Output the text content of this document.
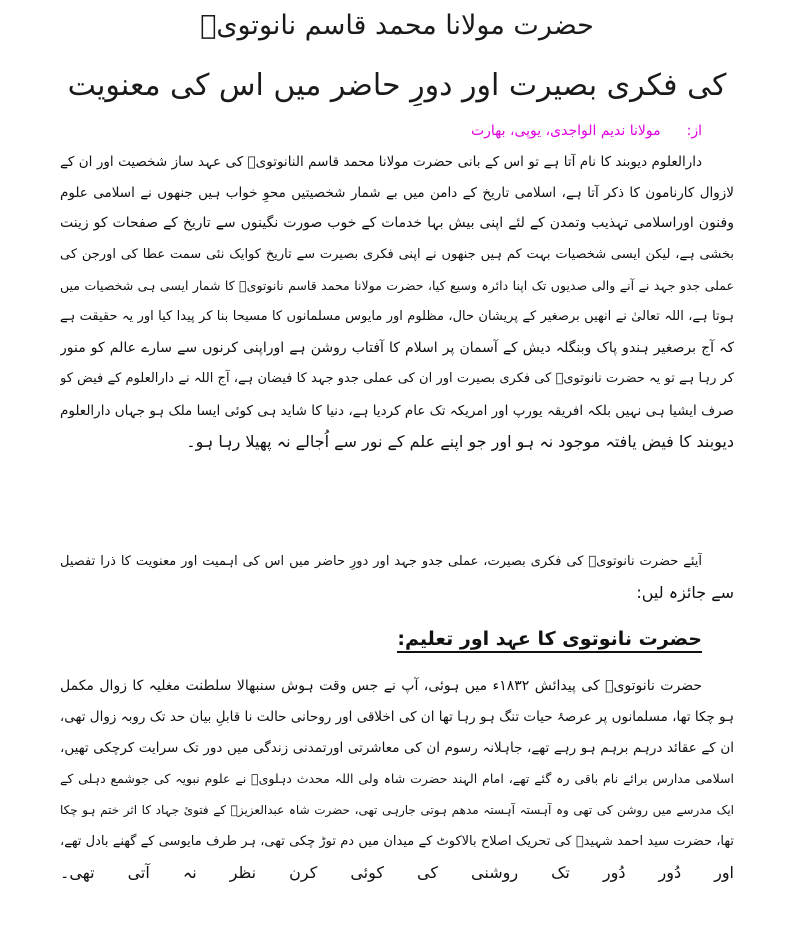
حضرت مولانا محمد قاسم نانوتویؒ
کی فکری بصیرت اور دورِ حاضر میں اس کی معنویت
از:مولانا ندیم الواجدی، یوپی، بھارت
دارالعلوم دیوبند کا نام آتا ہے تو اس کے بانی حضرت مولانا محمد قاسم النانوتویؒ کی عہد ساز شخصیت اور ان کے
لازوال کارنامون کا ذکر آتا ہے، اسلامی تاریخ کے دامن میں بے شمار شخصیتیں محوِ خواب ہیں جنھوں نے اسلامی علوم
وفنون اوراسلامی تہذیب وتمدن کے لئے اپنی بیش بہا خدمات کے خوب صورت نگینوں سے تاریخ کے صفحات کو زینت
بخشی ہے، لیکن ایسی شخصیات بہت کم ہیں جنھوں نے اپنی فکری بصیرت سے تاریخ کوایک نئی سمت عطا کی اورجن کی
عملی جدو جہد نے آنے والی صدیوں تک اپنا دائرہ وسیع کیا، حضرت مولانا محمد قاسم نانوتویؒ کا شمار ایسی ہی شخصیات میں
ہوتا ہے، اللہ تعالیٰ نے انھیں برصغیر کے پریشان حال، مظلوم اور مایوس مسلمانوں کا مسیحا بنا کر پیدا کیا اور یہ حقیقت ہے
کہ آج برصغیر ہندو پاک وبنگلہ دیش کے آسمان پر اسلام کا آفتاب روشن ہے اوراپنی کرنوں سے سارے عالم کو منور
کر رہا ہے تو یہ حضرت نانوتویؒ کی فکری بصیرت اور ان کی عملی جدو جہد کا فیضان ہے، آج اللہ نے دارالعلوم کے فیض کو
صرف ایشیا ہی نہیں بلکہ افریقہ یورپ اور امریکہ تک عام کردیا ہے، دنیا کا شاید ہی کوئی ایسا ملک ہو جہاں دارالعلوم
دیوبند کا فیض یافتہ موجود نہ ہو اور جو اپنے علم کے نور سے اُجالے نہ پھیلا رہا ہو۔
آیئے حضرت نانوتویؒ کی فکری بصیرت، عملی جدو جہد اور دورِ حاضر میں اس کی اہمیت اور معنویت کا ذرا تفصیل
سے جائزہ لیں:
حضرت نانوتوی کا عہد اور تعلیم:
حضرت نانوتویؒ کی پیدائش ۱۸۳۲ء میں ہوئی، آپ نے جس وقت ہوش سنبھالا سلطنت مغلیہ کا زوال مکمل
ہو چکا تھا، مسلمانوں پر عرصۂ حیات تنگ ہو رہا تھا ان کی اخلاقی اور روحانی حالت نا قابلِ بیان حد تک روبہ زوال تھی،
ان کے عقائد درہم برہم ہو رہے تھے، جاہلانہ رسوم ان کی معاشرتی اورتمدنی زندگی میں دور تک سرایت کرچکی تھیں،
اسلامی مدارس برائے نام باقی رہ گئے تھے، امام الہند حضرت شاہ ولی اللہ محدث دہلویؒ نے علوم نبویہ کی جوشمع دہلی کے
ایک مدرسے میں روشن کی تھی وہ آہستہ آہستہ مدھم ہوتی جارہی تھی، حضرت شاہ عبدالعزیزؒ کے فتوئ جہاد کا اثر ختم ہو چکا
تھا، حضرت سید احمد شہیدؒ کی تحریک اصلاح بالاکوٹ کے میدان میں دم توڑ چکی تھی، ہر طرف مایوسی کے گھنے بادل تھے،
اور دُور دُور تک روشنی کی کوئی کرن نظر نہ آتی تھی۔
